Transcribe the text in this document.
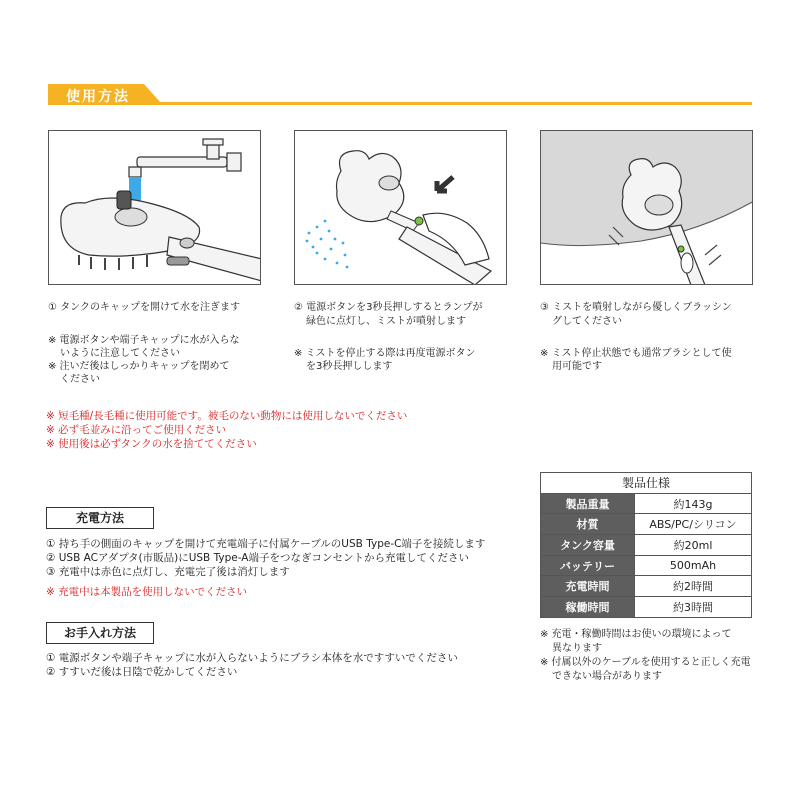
使用方法
① タンクのキャップを開けて水を注ぎます
※ 電源ボタンや端子キャップに水が入らな
いように注意してください
※ 注いだ後はしっかりキャップを閉めて
ください
② 電源ボタンを3秒長押しするとランプが
緑色に点灯し、ミストが噴射します
※ ミストを停止する際は再度電源ボタン
を3秒長押しします
③ ミストを噴射しながら優しくブラッシン
グしてください
※ ミスト停止状態でも通常ブラシとして使
用可能です
※ 短毛種/長毛種に使用可能です。被毛のない動物には使用しないでください
※ 必ず毛並みに沿ってご使用ください
※ 使用後は必ずタンクの水を捨ててください
充電方法
① 持ち手の側面のキャップを開けて充電端子に付属ケーブルのUSB Type-C端子を接続します
② USB ACアダプタ(市販品)にUSB Type-A端子をつなぎコンセントから充電してください
③ 充電中は赤色に点灯し、充電完了後は消灯します
※ 充電中は本製品を使用しないでください
お手入れ方法
① 電源ボタンや端子キャップに水が入らないようにブラシ本体を水ですすいでください
② すすいだ後は日陰で乾かしてください
製品仕様	
製品重量	約143g
材質	ABS/PC/シリコン
タンク容量	約20ml
バッテリー	500mAh
充電時間	約2時間
稼働時間	約3時間
※ 充電・稼働時間はお使いの環境によって
異なります
※ 付属以外のケーブルを使用すると正しく充電
できない場合があります
